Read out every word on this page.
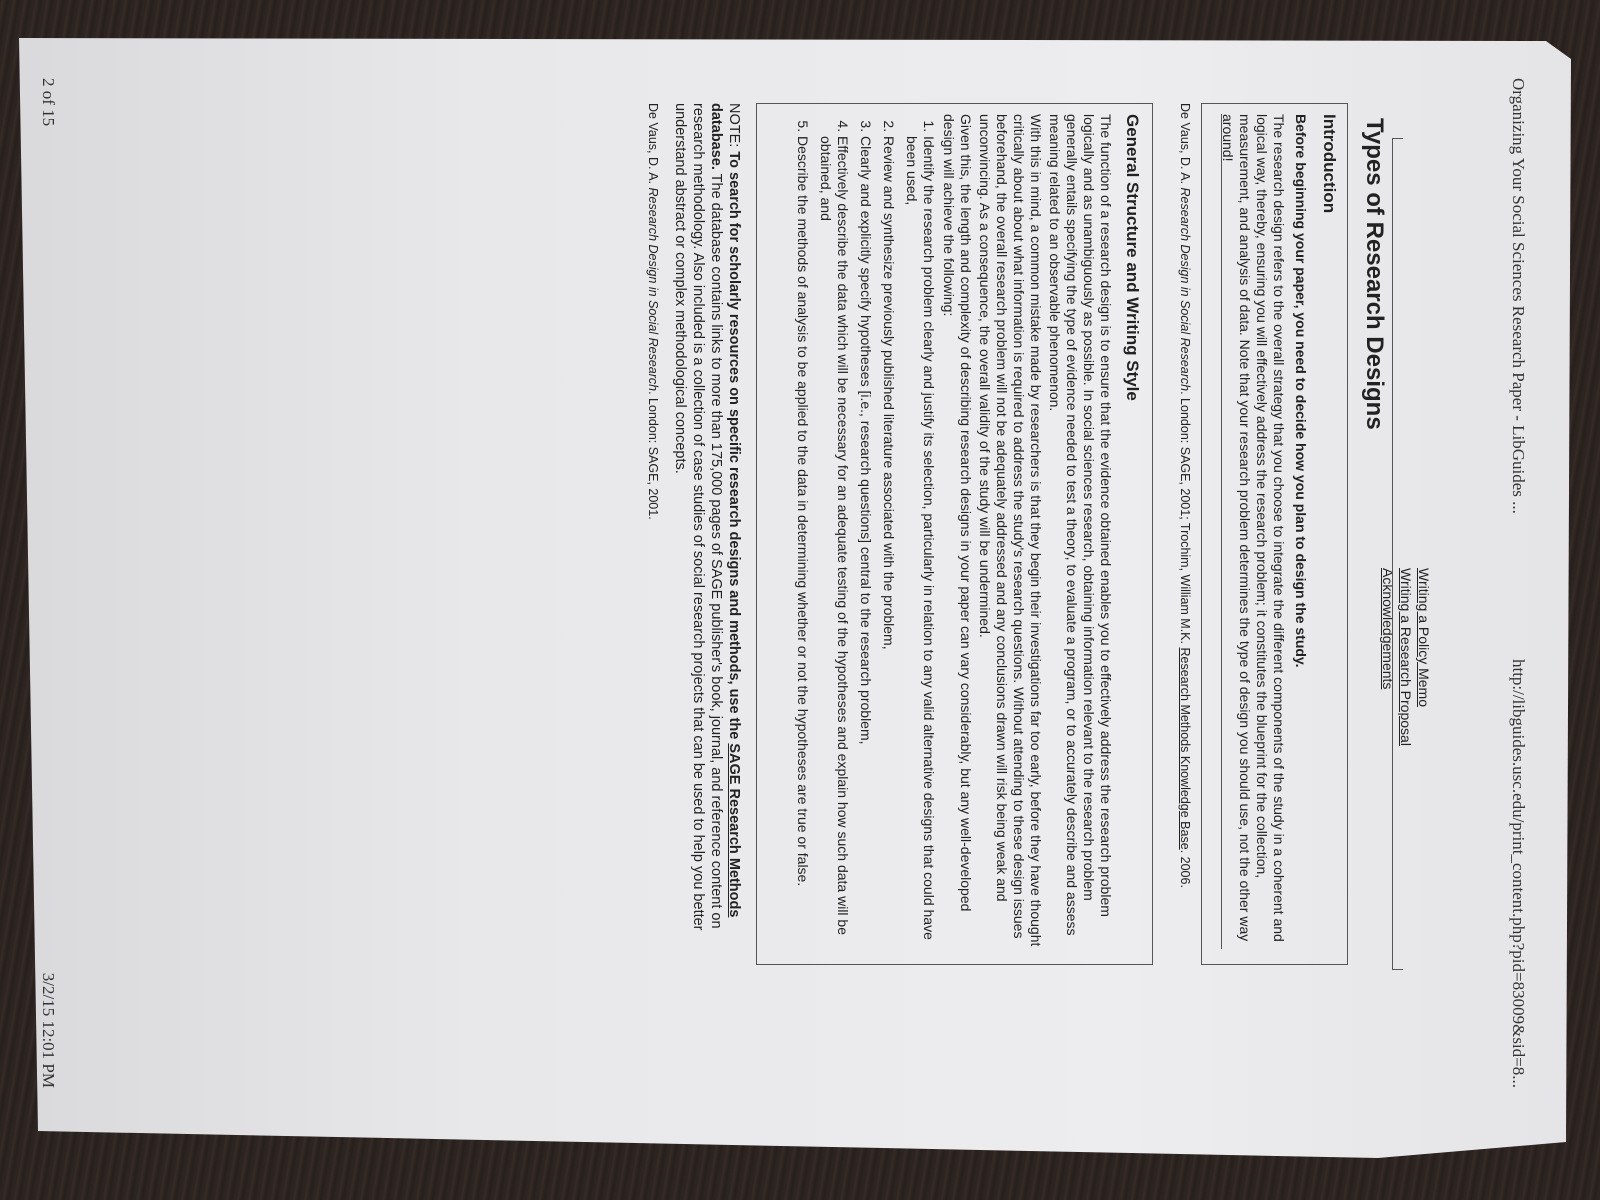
Organizing Your Social Sciences Research Paper - LibGuides ...
http://libguides.usc.edu/print_content.php?pid=83009&sid=8...
Writing a Policy Memo
Writing a Research Proposal
Acknowledgements
Types of Research Designs
Introduction
Before beginning your paper, you need to decide how you plan to design the study.
The research design refers to the overall strategy that you choose to integrate the different components of the study in a coherent and logical way, thereby, ensuring you will effectively address the research problem; it constitutes the blueprint for the collection, measurement, and analysis of data. Note that your research problem determines the type of design you should use, not the other way around!
De Vaus, D. A. Research Design in Social Research. London: SAGE, 2001; Trochim, William M.K. Research Methods Knowledge Base. 2006.
General Structure and Writing Style
The function of a research design is to ensure that the evidence obtained enables you to effectively address the research problem logically and as unambiguously as possible. In social sciences research, obtaining information relevant to the research problem generally entails specifying the type of evidence needed to test a theory, to evaluate a program, or to accurately describe and assess meaning related to an observable phenomenon.
With this in mind, a common mistake made by researchers is that they begin their investigations far too early, before they have thought critically about about what information is required to address the study's research questions. Without attending to these design issues beforehand, the overall research problem will not be adequately addressed and any conclusions drawn will risk being weak and unconvincing. As a consequence, the overall validity of the study will be undermined.
Given this, the length and complexity of describing research designs in your paper can vary considerably, but any well-developed design will achieve the following:
1. Identify the research problem clearly and justify its selection, particularly in relation to any valid alternative designs that could have been used,
2. Review and synthesize previously published literature associated with the problem,
3. Clearly and explicitly specify hypotheses [i.e., research questions] central to the research problem,
4. Effectively describe the data which will be necessary for an adequate testing of the hypotheses and explain how such data will be obtained, and
5. Describe the methods of analysis to be applied to the data in determining whether or not the hypotheses are true or false.
NOTE: To search for scholarly resources on specific research designs and methods, use the SAGE Research Methods database. The database contains links to more than 175,000 pages of SAGE publisher's book, journal, and reference content on research methodology. Also included is a collection of case studies of social research projects that can be used to help you better understand abstract or complex methodological concepts.
De Vaus, D. A. Research Design in Social Research. London: SAGE, 2001.
2 of 15
3/2/15 12:01 PM
